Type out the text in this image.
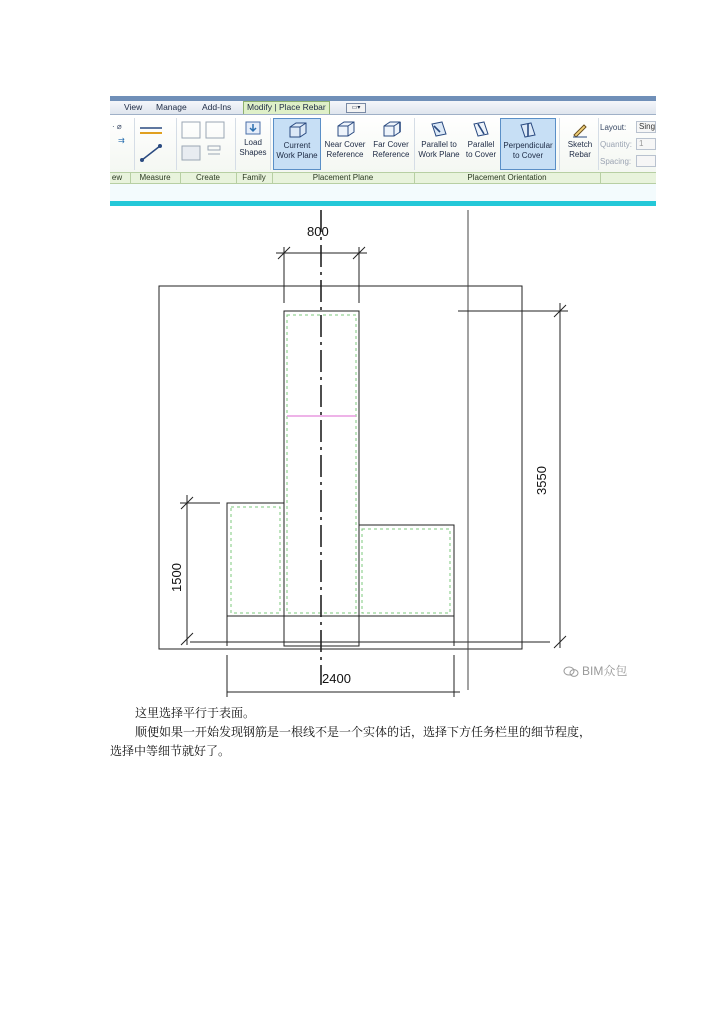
View Manage Add-Ins	Modify | Place Rebar	▭▾
· ⌀
⇉	Load
Shapes
Current
Work Plane
Near Cover
Reference
Far Cover
Reference
Parallel to
Work Plane
Parallel
to Cover
Perpendicular
to Cover
Sketch
Rebar
Layout:	Sing
Quantity: 1
Spacing:
ew	Measure	Create	Family	Placement Plane	Placement Orientation
800
3550
1500
2400	BIM众包
这里选择平行于表面。
顺便如果一开始发现钢筋是一根线不是一个实体的话，选择下方任务栏里的细节程度，
选择中等细节就好了。
